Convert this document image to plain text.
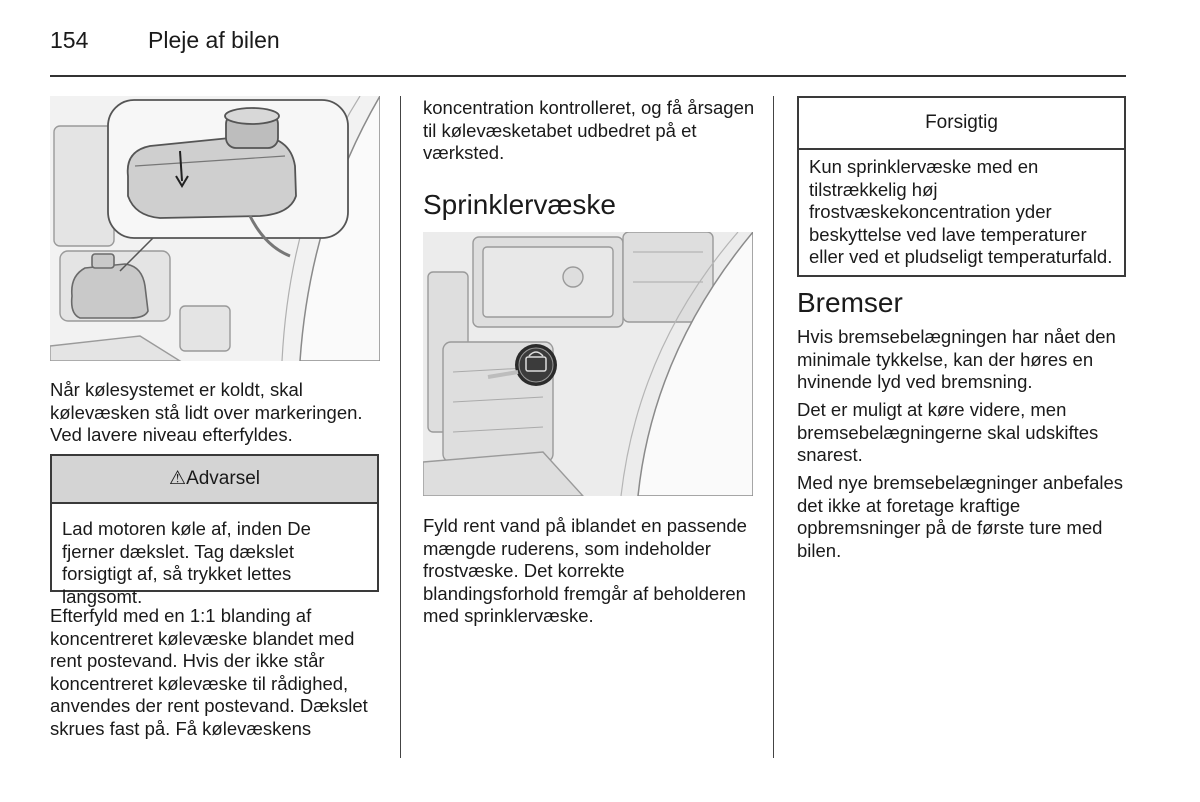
154	Pleje af bilen

Når kølesystemet er koldt, skal kølevæsken stå lidt over markeringen. Ved lavere niveau efterfyldes.

⚠Advarsel

Lad motoren køle af, inden De fjerner dækslet. Tag dækslet forsigtigt af, så trykket lettes langsomt.

Efterfyld med en 1:1 blanding af koncentreret kølevæske blandet med rent postevand. Hvis der ikke står koncentreret kølevæske til rådighed, anvendes der rent postevand. Dækslet skrues fast på. Få kølevæskens

koncentration kontrolleret, og få årsagen til kølevæsketabet udbedret på et værksted.

Sprinklervæske

Fyld rent vand på iblandet en passende mængde ruderens, som indeholder frostvæske. Det korrekte blandingsforhold fremgår af beholderen med sprinklervæske.

Forsigtig

Kun sprinklervæske med en tilstrækkelig høj frostvæskekoncentration yder beskyttelse ved lave temperaturer eller ved et pludseligt temperaturfald.

Bremser

Hvis bremsebelægningen har nået den minimale tykkelse, kan der høres en hvinende lyd ved bremsning.

Det er muligt at køre videre, men bremsebelægningerne skal udskiftes snarest.

Med nye bremsebelægninger anbefales det ikke at foretage kraftige opbremsninger på de første ture med bilen.
